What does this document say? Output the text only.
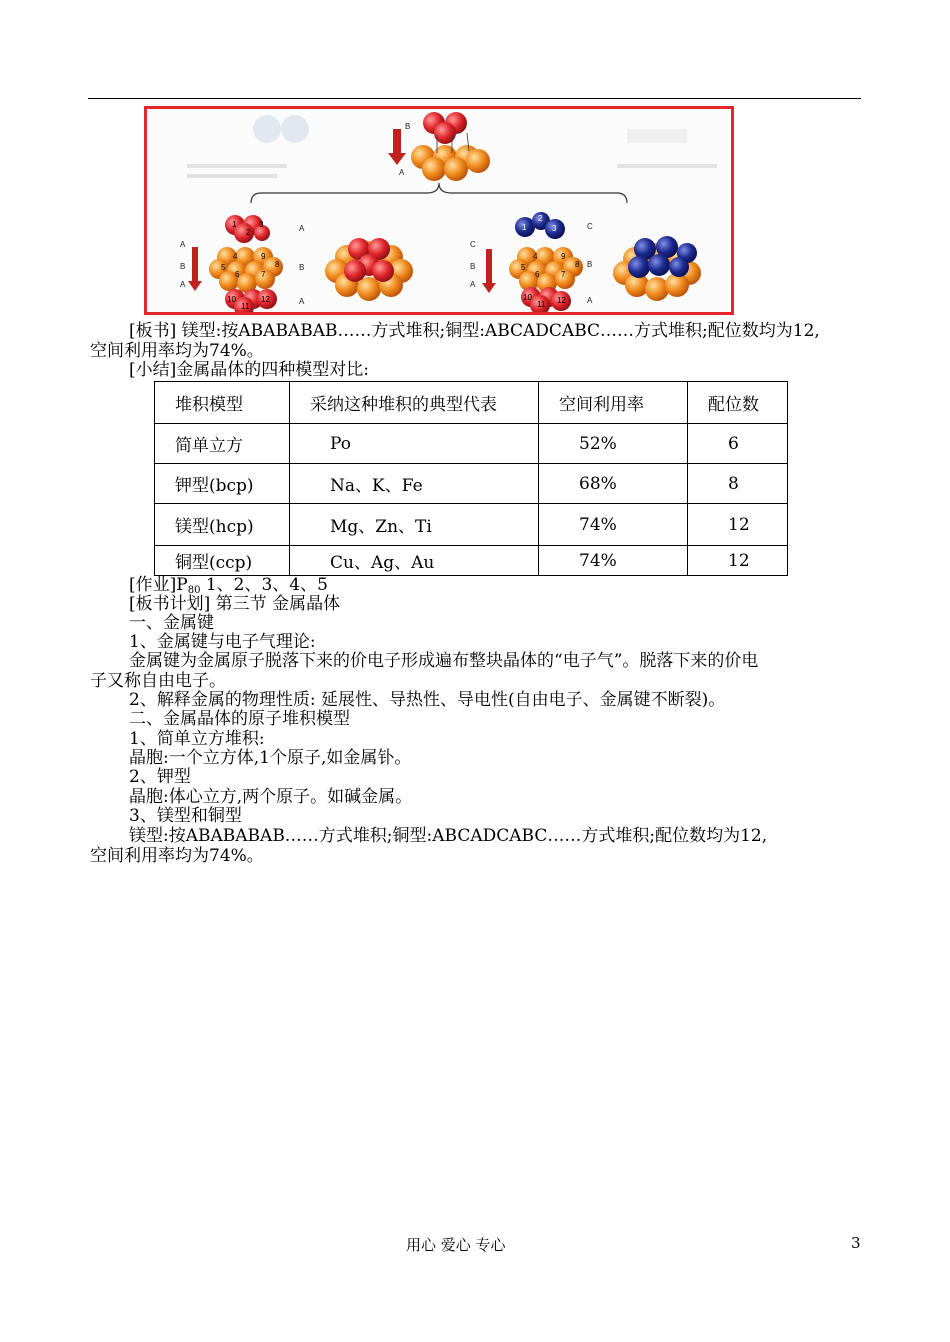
B
A
1
2
3
4	9
5	8
6	7
10
11
12
A
B
A
A
B
A
2
1	3
4	9
5	8
6	7
10
11 12
C
B
A
C
B
A
[板书] 镁型:按ABABABAB……方式堆积;铜型:ABCADCABC……方式堆积;配位数均为12,
空间利用率均为74%。
[小结]金属晶体的四种模型对比:
堆积模型	采纳这种堆积的典型代表	空间利用率	配位数
简单立方	Po	52%	6
钾型(bcp)	Na、K、Fe	68%	8
镁型(hcp)	Mg、Zn、Ti	74%	12
铜型(ccp)	Cu、Ag、Au	74%	12
[作业]$P_{80}$ 1、2、3、4、5
[板书计划] 第三节 金属晶体
一、金属键
1、金属键与电子气理论:
金属键为金属原子脱落下来的价电子形成遍布整块晶体的“电子气”。脱落下来的价电
子又称自由电子。
2、解释金属的物理性质: 延展性、导热性、导电性(自由电子、金属键不断裂)。
二、金属晶体的原子堆积模型
1、简单立方堆积:
晶胞:一个立方体,1个原子,如金属钋。
2、钾型
晶胞:体心立方,两个原子。如碱金属。
3、镁型和铜型
镁型:按ABABABAB……方式堆积;铜型:ABCADCABC……方式堆积;配位数均为12,
空间利用率均为74%。
用心 爱心 专心	3
